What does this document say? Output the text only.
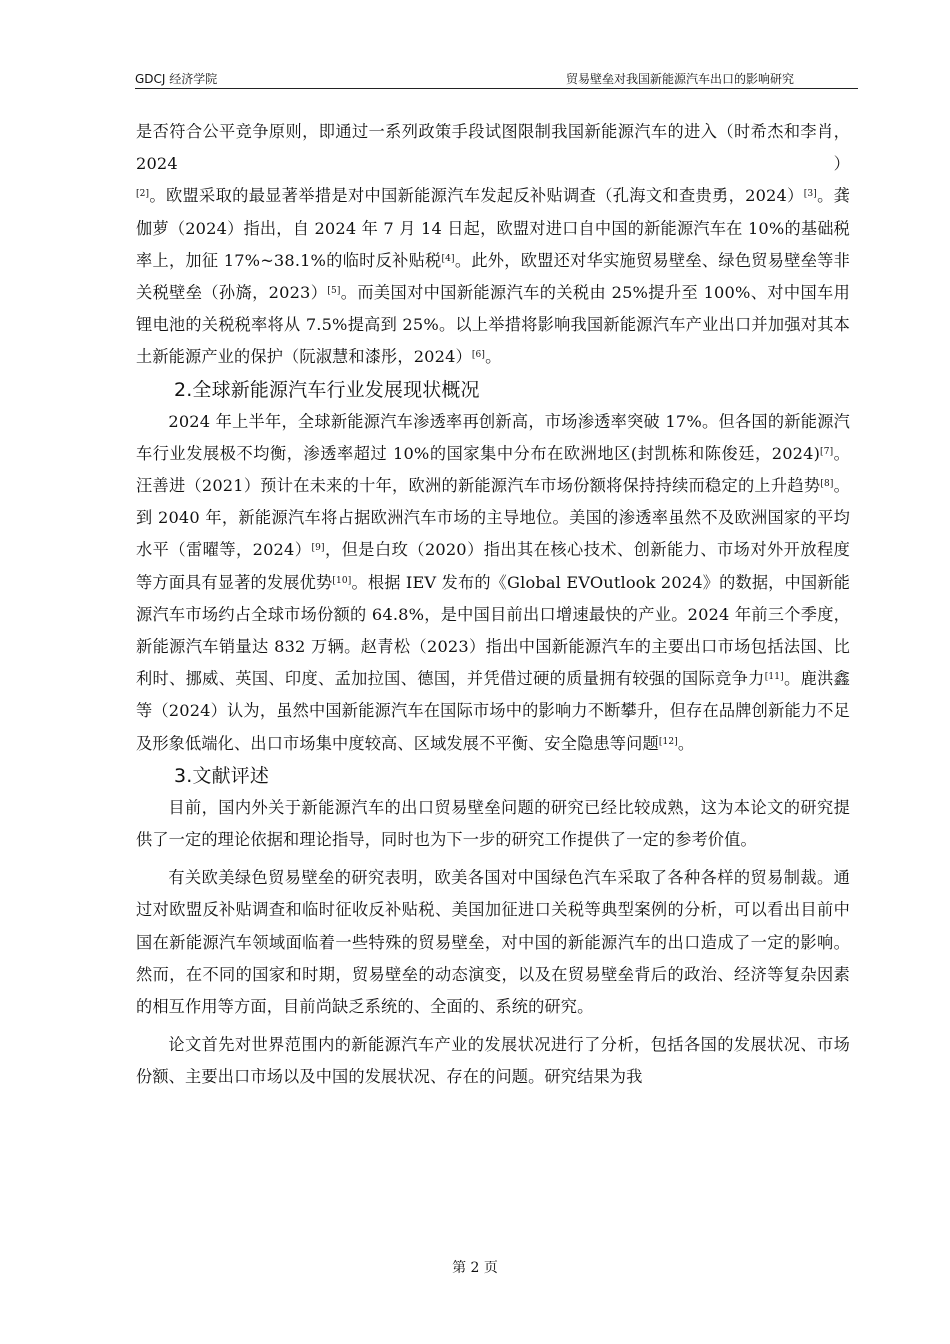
GDCJ 经济学院	贸易壁垒对我国新能源汽车出口的影响研究

是否符合公平竞争原则，即通过一系列政策手段试图限制我国新能源汽车的进入（时希杰和李肖，2024）[2]。欧盟采取的最显著举措是对中国新能源汽车发起反补贴调查（孔海文和查贵勇，2024）[3]。龚伽萝（2024）指出，自 2024 年 7 月 14 日起，欧盟对进口自中国的新能源汽车在 10%的基础税率上，加征 17%~38.1%的临时反补贴税[4]。此外，欧盟还对华实施贸易壁垒、绿色贸易壁垒等非关税壁垒（孙旖，2023）[5]。而美国对中国新能源汽车的关税由 25%提升至 100%、对中国车用锂电池的关税税率将从 7.5%提高到 25%。以上举措将影响我国新能源汽车产业出口并加强对其本土新能源产业的保护（阮淑慧和漆彤，2024）[6]。

2.全球新能源汽车行业发展现状概况

2024 年上半年，全球新能源汽车渗透率再创新高，市场渗透率突破 17%。但各国的新能源汽车行业发展极不均衡，渗透率超过 10%的国家集中分布在欧洲地区(封凯栋和陈俊廷，2024)[7]。汪善进（2021）预计在未来的十年，欧洲的新能源汽车市场份额将保持持续而稳定的上升趋势[8]。到 2040 年，新能源汽车将占据欧洲汽车市场的主导地位。美国的渗透率虽然不及欧洲国家的平均水平（雷曜等，2024）[9]，但是白玫（2020）指出其在核心技术、创新能力、市场对外开放程度等方面具有显著的发展优势[10]。根据 IEV 发布的《Global EVOutlook 2024》的数据，中国新能源汽车市场约占全球市场份额的 64.8%，是中国目前出口增速最快的产业。2024 年前三个季度，新能源汽车销量达 832 万辆。赵青松（2023）指出中国新能源汽车的主要出口市场包括法国、比利时、挪威、英国、印度、孟加拉国、德国，并凭借过硬的质量拥有较强的国际竞争力[11]。鹿洪鑫等（2024）认为，虽然中国新能源汽车在国际市场中的影响力不断攀升，但存在品牌创新能力不足及形象低端化、出口市场集中度较高、区域发展不平衡、安全隐患等问题[12]。

3.文献评述

目前，国内外关于新能源汽车的出口贸易壁垒问题的研究已经比较成熟，这为本论文的研究提供了一定的理论依据和理论指导，同时也为下一步的研究工作提供了一定的参考价值。

有关欧美绿色贸易壁垒的研究表明，欧美各国对中国绿色汽车采取了各种各样的贸易制裁。通过对欧盟反补贴调查和临时征收反补贴税、美国加征进口关税等典型案例的分析，可以看出目前中国在新能源汽车领域面临着一些特殊的贸易壁垒，对中国的新能源汽车的出口造成了一定的影响。然而，在不同的国家和时期，贸易壁垒的动态演变，以及在贸易壁垒背后的政治、经济等复杂因素的相互作用等方面，目前尚缺乏系统的、全面的、系统的研究。

论文首先对世界范围内的新能源汽车产业的发展状况进行了分析，包括各国的发展状况、市场份额、主要出口市场以及中国的发展状况、存在的问题。研究结果为我

第 2 页
